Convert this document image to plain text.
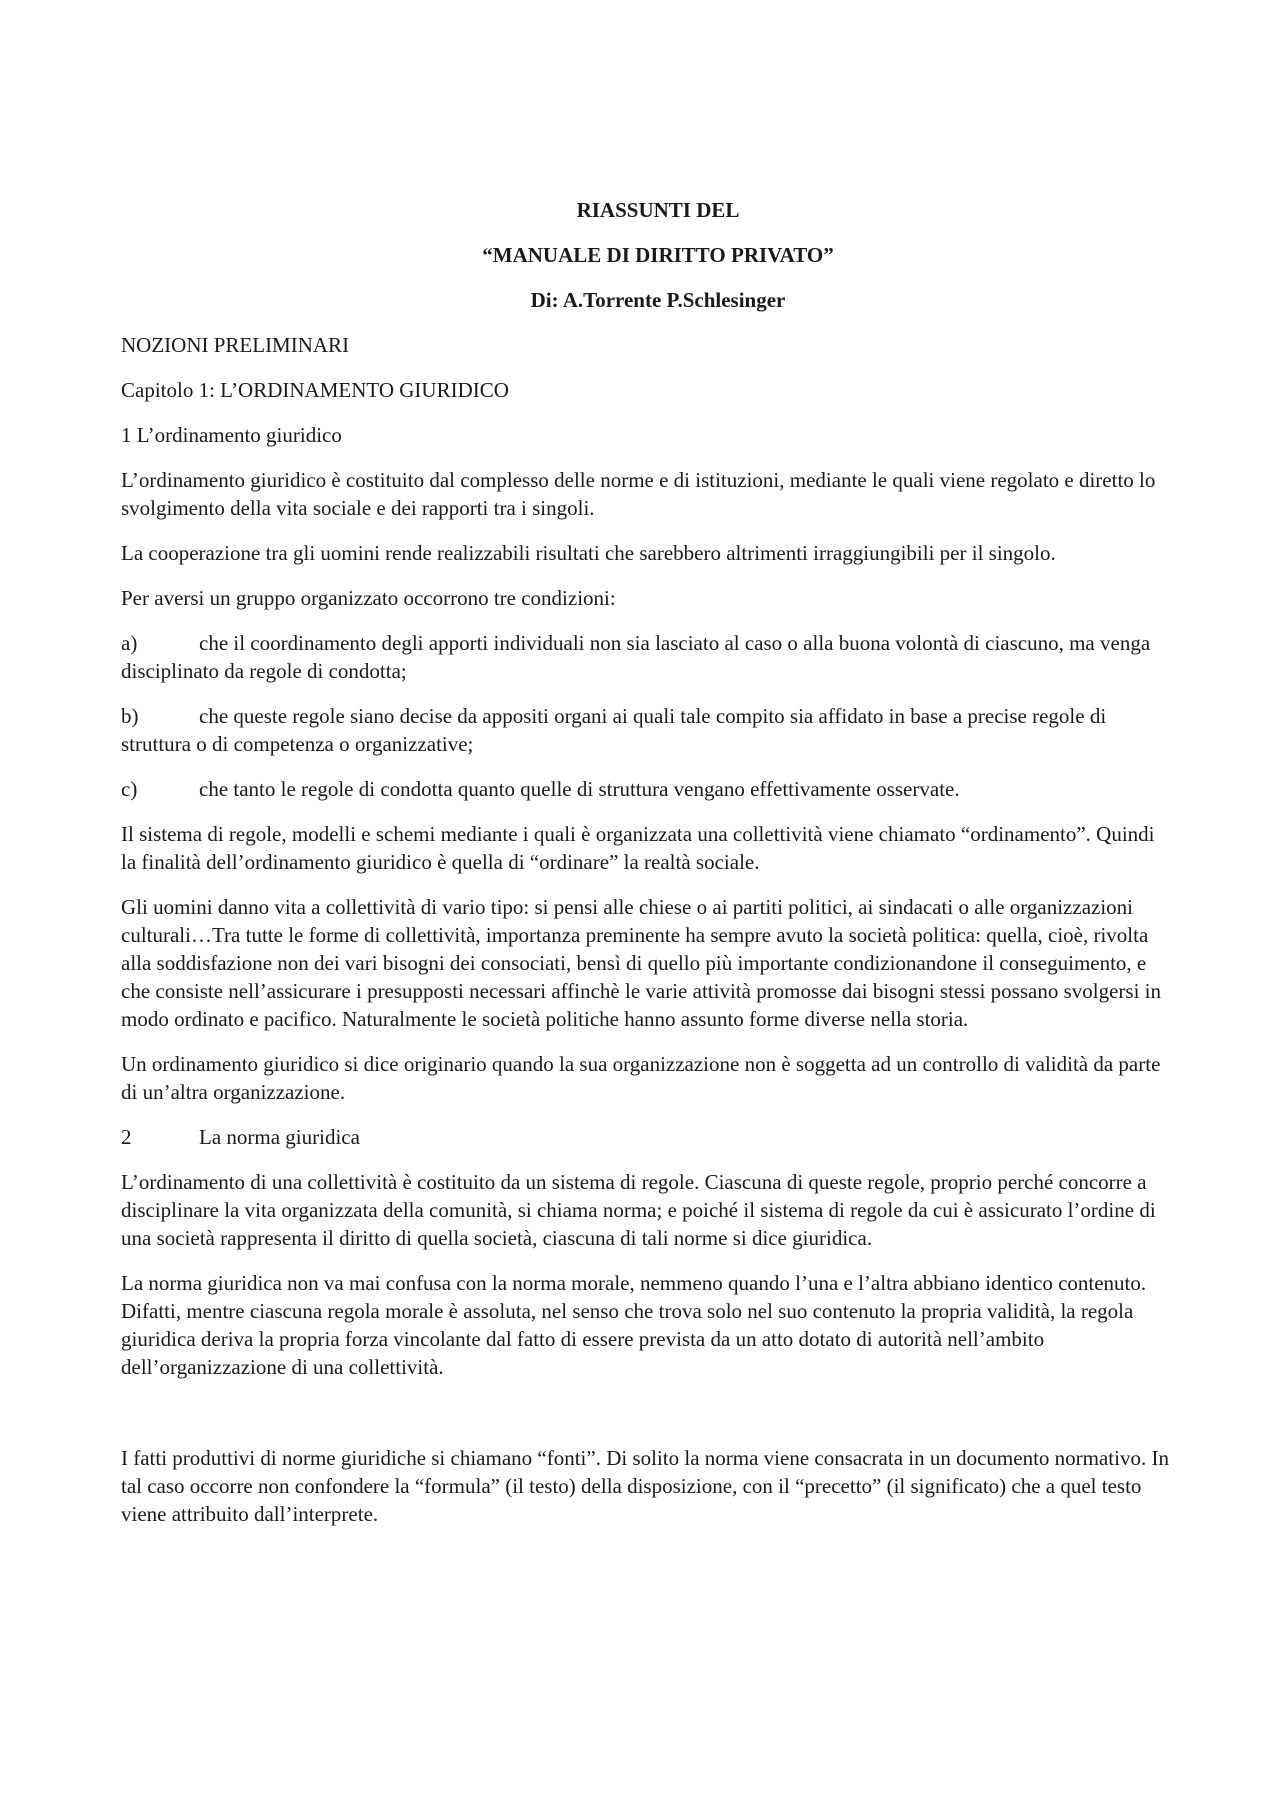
RIASSUNTI DEL
“MANUALE DI DIRITTO PRIVATO”
Di: A.Torrente P.Schlesinger
NOZIONI PRELIMINARI
Capitolo 1: L’ORDINAMENTO GIURIDICO
1 L’ordinamento giuridico

L’ordinamento giuridico è costituito dal complesso delle norme e di istituzioni, mediante le quali viene regolato e diretto lo svolgimento della vita sociale e dei rapporti tra i singoli.

La cooperazione tra gli uomini rende realizzabili risultati che sarebbero altrimenti irraggiungibili per il singolo.

Per aversi un gruppo organizzato occorrono tre condizioni:

a)	che il coordinamento degli apporti individuali non sia lasciato al caso o alla buona volontà di ciascuno, ma venga disciplinato da regole di condotta;
b)	che queste regole siano decise da appositi organi ai quali tale compito sia affidato in base a precise regole di struttura o di competenza o organizzative;
c)	che tanto le regole di condotta quanto quelle di struttura vengano effettivamente osservate.

Il sistema di regole, modelli e schemi mediante i quali è organizzata una collettività viene chiamato “ordinamento”. Quindi la finalità dell’ordinamento giuridico è quella di “ordinare” la realtà sociale.

Gli uomini danno vita a collettività di vario tipo: si pensi alle chiese o ai partiti politici, ai sindacati o alle organizzazioni culturali…Tra tutte le forme di collettività, importanza preminente ha sempre avuto la società politica: quella, cioè, rivolta alla soddisfazione non dei vari bisogni dei consociati, bensì di quello più importante condizionandone il conseguimento, e che consiste nell’assicurare i presupposti necessari affinchè le varie attività promosse dai bisogni stessi possano svolgersi in modo ordinato e pacifico. Naturalmente le società politiche hanno assunto forme diverse nella storia.

Un ordinamento giuridico si dice originario quando la sua organizzazione non è soggetta ad un controllo di validità da parte di un’altra organizzazione.

2	La norma giuridica

L’ordinamento di una collettività è costituito da un sistema di regole. Ciascuna di queste regole, proprio perché concorre a disciplinare la vita organizzata della comunità, si chiama norma; e poiché il sistema di regole da cui è assicurato l’ordine di una società rappresenta il diritto di quella società, ciascuna di tali norme si dice giuridica.

La norma giuridica non va mai confusa con la norma morale, nemmeno quando l’una e l’altra abbiano identico contenuto. Difatti, mentre ciascuna regola morale è assoluta, nel senso che trova solo nel suo contenuto la propria validità, la regola giuridica deriva la propria forza vincolante dal fatto di essere prevista da un atto dotato di autorità nell’ambito dell’organizzazione di una collettività.

I fatti produttivi di norme giuridiche si chiamano “fonti”. Di solito la norma viene consacrata in un documento normativo. In tal caso occorre non confondere la “formula” (il testo) della disposizione, con il “precetto” (il significato) che a quel testo viene attribuito dall’interprete.
